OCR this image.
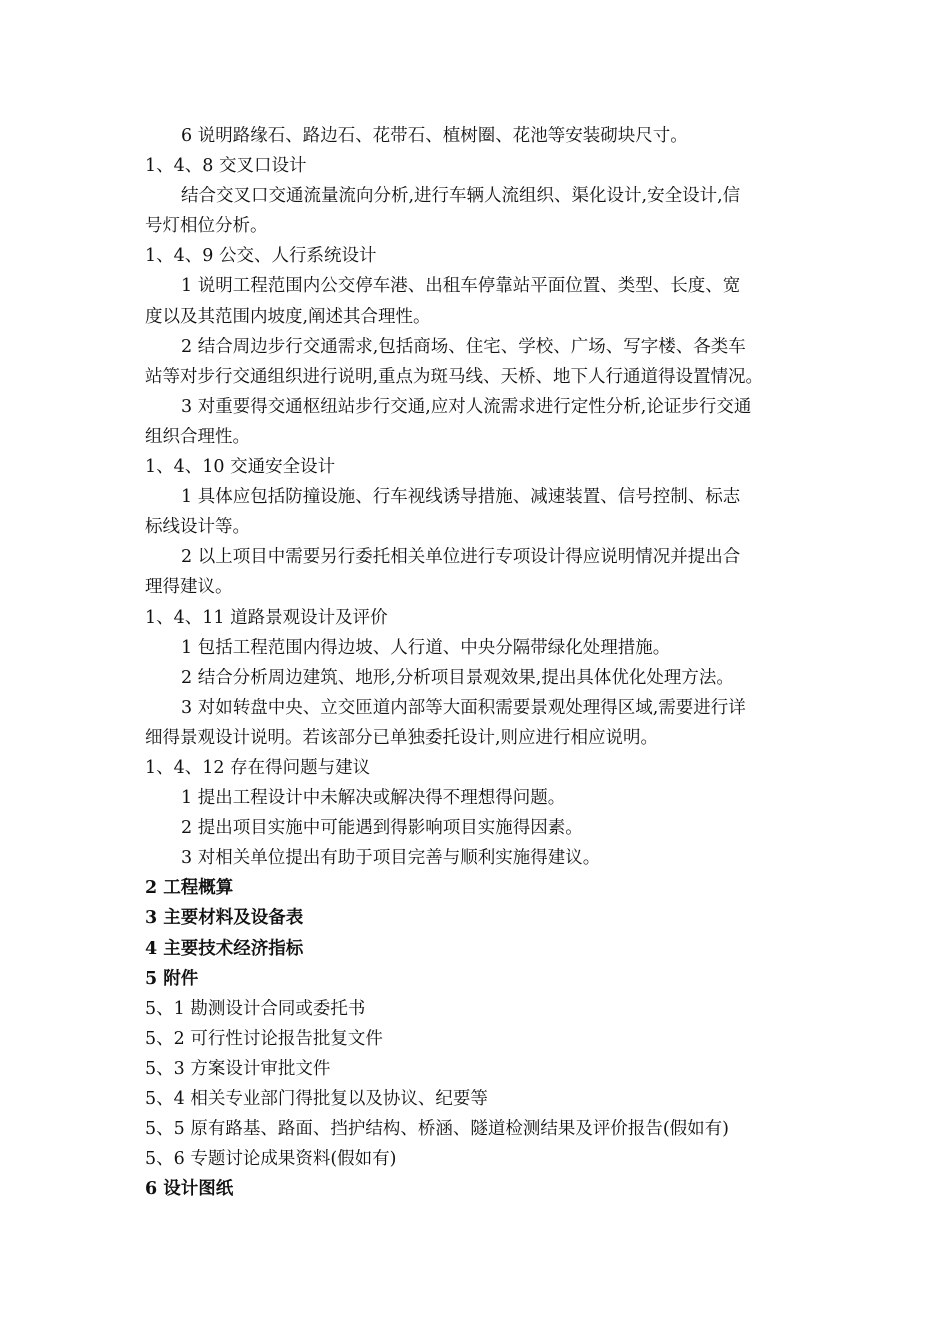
6 说明路缘石、路边石、花带石、植树圈、花池等安装砌块尺寸。
1、4、8 交叉口设计
结合交叉口交通流量流向分析,进行车辆人流组织、渠化设计,安全设计,信
号灯相位分析。
1、4、9 公交、人行系统设计
1 说明工程范围内公交停车港、出租车停靠站平面位置、类型、长度、宽
度以及其范围内坡度,阐述其合理性。
2 结合周边步行交通需求,包括商场、住宅、学校、广场、写字楼、各类车
站等对步行交通组织进行说明,重点为斑马线、天桥、地下人行通道得设置情况。
3 对重要得交通枢纽站步行交通,应对人流需求进行定性分析,论证步行交通
组织合理性。
1、4、10 交通安全设计
1 具体应包括防撞设施、行车视线诱导措施、减速装置、信号控制、标志
标线设计等。
2 以上项目中需要另行委托相关单位进行专项设计得应说明情况并提出合
理得建议。
1、4、11 道路景观设计及评价
1 包括工程范围内得边坡、人行道、中央分隔带绿化处理措施。
2 结合分析周边建筑、地形,分析项目景观效果,提出具体优化处理方法。
3 对如转盘中央、立交匝道内部等大面积需要景观处理得区域,需要进行详
细得景观设计说明。若该部分已单独委托设计,则应进行相应说明。
1、4、12 存在得问题与建议
1 提出工程设计中未解决或解决得不理想得问题。
2 提出项目实施中可能遇到得影响项目实施得因素。
3 对相关单位提出有助于项目完善与顺利实施得建议。
2 工程概算
3 主要材料及设备表
4 主要技术经济指标
5 附件
5、1 勘测设计合同或委托书
5、2 可行性讨论报告批复文件
5、3 方案设计审批文件
5、4 相关专业部门得批复以及协议、纪要等
5、5 原有路基、路面、挡护结构、桥涵、隧道检测结果及评价报告(假如有)
5、6 专题讨论成果资料(假如有)
6 设计图纸
